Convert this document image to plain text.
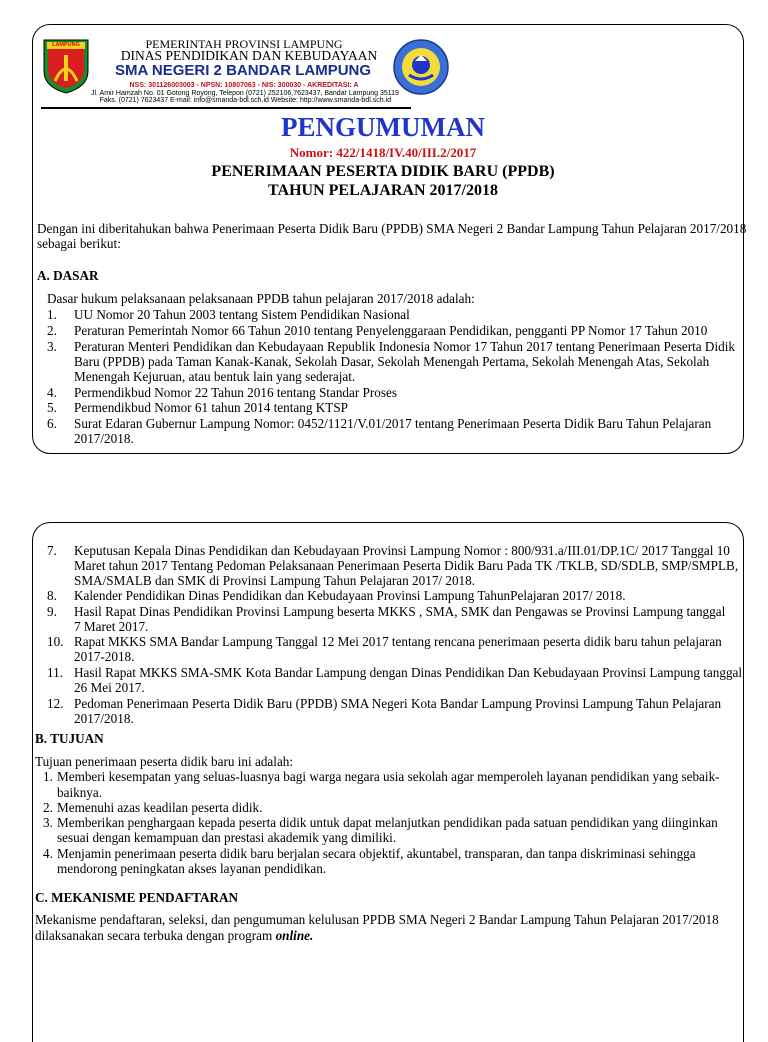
LAMPUNG	PEMERINTAH PROVINSI LAMPUNG
DINAS PENDIDIKAN DAN KEBUDAYAAN
SMA NEGERI 2 BANDAR LAMPUNG
NSS: 301126003003 - NPSN: 10807063 - NIS: 300030 - AKREDITASI: A
Jl. Amir Hamzah No. 01 Gotong Royong, Telepon (0721) 252106,7623437, Bandar Lampung 35119
Faks. (0721) 7623437 E-mail: info@smanda-bdl.sch.id Website: http://www.smanda-bdl.sch.id
PENGUMUMAN
Nomor: 422/1418/IV.40/III.2/2017
PENERIMAAN PESERTA DIDIK BARU (PPDB)
TAHUN PELAJARAN 2017/2018
Dengan ini diberitahukan bahwa Penerimaan Peserta Didik Baru (PPDB) SMA Negeri 2 Bandar Lampung Tahun Pelajaran 2017/2018
sebagai berikut:
A. DASAR
Dasar hukum pelaksanaan pelaksanaan PPDB tahun pelajaran 2017/2018 adalah:
1. UU Nomor 20 Tahun 2003 tentang Sistem Pendidikan Nasional
2. Peraturan Pemerintah Nomor 66 Tahun 2010 tentang Penyelenggaraan Pendidikan, pengganti PP Nomor 17 Tahun 2010
3. Peraturan Menteri Pendidikan dan Kebudayaan Republik Indonesia Nomor 17 Tahun 2017 tentang Penerimaan Peserta Didik
Baru (PPDB) pada Taman Kanak-Kanak, Sekolah Dasar, Sekolah Menengah Pertama, Sekolah Menengah Atas, Sekolah
Menengah Kejuruan, atau bentuk lain yang sederajat.
4. Permendikbud Nomor 22 Tahun 2016 tentang Standar Proses
5. Permendikbud Nomor 61 tahun 2014 tentang KTSP
6. Surat Edaran Gubernur Lampung Nomor: 0452/1121/V.01/2017 tentang Penerimaan Peserta Didik Baru Tahun Pelajaran
2017/2018.
7. Keputusan Kepala Dinas Pendidikan dan Kebudayaan Provinsi Lampung Nomor : 800/931.a/III.01/DP.1C/ 2017 Tanggal 10
Maret tahun 2017 Tentang Pedoman Pelaksanaan Penerimaan Peserta Didik Baru Pada TK /TKLB, SD/SDLB, SMP/SMPLB,
SMA/SMALB dan SMK di Provinsi Lampung Tahun Pelajaran 2017/ 2018.
8. Kalender Pendidikan Dinas Pendidikan dan Kebudayaan Provinsi Lampung TahunPelajaran 2017/ 2018.
9. Hasil Rapat Dinas Pendidikan Provinsi Lampung beserta MKKS , SMA, SMK dan Pengawas se Provinsi Lampung tanggal
7 Maret 2017.
10. Rapat MKKS SMA Bandar Lampung Tanggal 12 Mei 2017 tentang rencana penerimaan peserta didik baru tahun pelajaran
2017-2018.
11. Hasil Rapat MKKS SMA-SMK Kota Bandar Lampung dengan Dinas Pendidikan Dan Kebudayaan Provinsi Lampung tanggal
26 Mei 2017.
12. Pedoman Penerimaan Peserta Didik Baru (PPDB) SMA Negeri Kota Bandar Lampung Provinsi Lampung Tahun Pelajaran
2017/2018.
B. TUJUAN
Tujuan penerimaan peserta didik baru ini adalah:
1. Memberi kesempatan yang seluas-luasnya bagi warga negara usia sekolah agar memperoleh layanan pendidikan yang sebaik-
baiknya.
2. Memenuhi azas keadilan peserta didik.
3. Memberikan penghargaan kepada peserta didik untuk dapat melanjutkan pendidikan pada satuan pendidikan yang diinginkan
sesuai dengan kemampuan dan prestasi akademik yang dimiliki.
4. Menjamin penerimaan peserta didik baru berjalan secara objektif, akuntabel, transparan, dan tanpa diskriminasi sehingga
mendorong peningkatan akses layanan pendidikan.
C. MEKANISME PENDAFTARAN
Mekanisme pendaftaran, seleksi, dan pengumuman kelulusan PPDB SMA Negeri 2 Bandar Lampung Tahun Pelajaran 2017/2018
dilaksanakan secara terbuka dengan program online.
